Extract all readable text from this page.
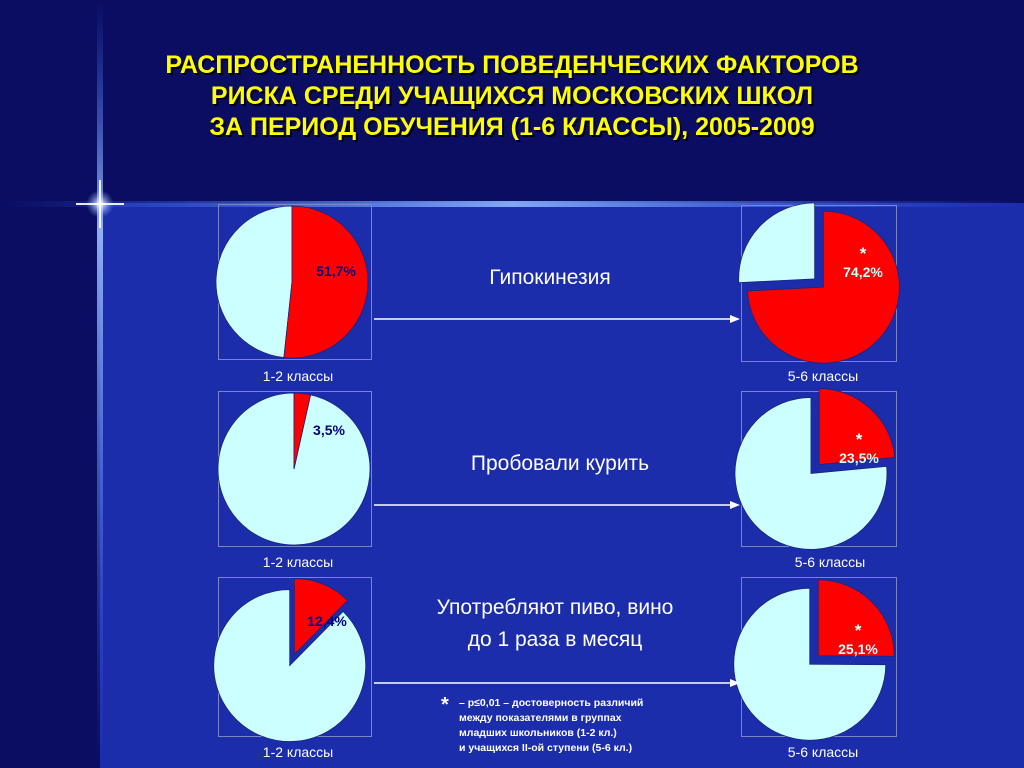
РАСПРОСТРАНЕННОСТЬ ПОВЕДЕНЧЕСКИХ ФАКТОРОВ
РИСКА СРЕДИ УЧАЩИХСЯ МОСКОВСКИХ ШКОЛ
ЗА ПЕРИОД ОБУЧЕНИЯ (1-6 КЛАССЫ), 2005-2009
51,7%
1-2 классы
*
74,2%
5-6 классы
Гипокинезия
3,5%
1-2 классы
*
23,5%
5-6 классы
Пробовали курить
12,4%
1-2 классы
*
25,1%
5-6 классы
Употребляют пиво, вино
до 1 раза в месяц
* – р≤0,01 – достоверность различий
между показателями в группах
младших школьников (1-2 кл.)
и учащихся II-ой ступени (5-6 кл.)
